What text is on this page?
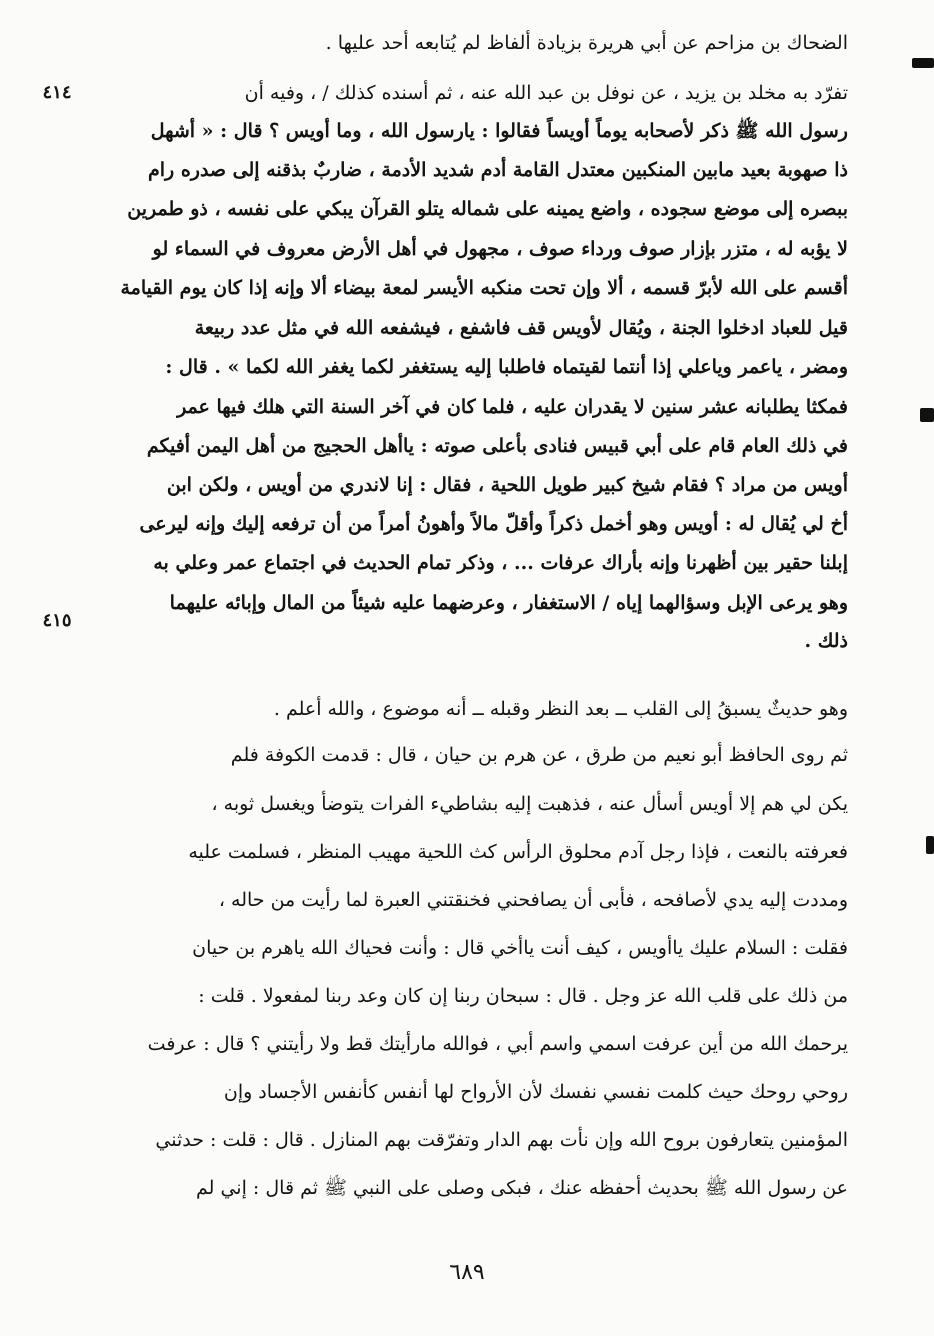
الضحاك بن مزاحم عن أبي هريرة بزيادة ألفاظ لم يُتابعه أحد عليها .
تفرّد به مخلد بن يزيد ، عن نوفل بن عبد الله عنه ، ثم أسنده كذلك / ، وفيه أن
رسول الله ﷺ ذكر لأصحابه يوماً أويساً فقالوا : يارسول الله ، وما أويس ؟ قال : « أشهل
ذا صهوبة بعيد مابين المنكبين معتدل القامة أدم شديد الأدمة ، ضاربٌ بذقنه إلى صدره رام
ببصره إلى موضع سجوده ، واضع يمينه على شماله يتلو القرآن يبكي على نفسه ، ذو طمرين
لا يؤبه له ، متزر بإزار صوف ورداء صوف ، مجهول في أهل الأرض معروف في السماء لو
أقسم على الله لأبرّ قسمه ، ألا وإن تحت منكبه الأيسر لمعة بيضاء ألا وإنه إذا كان يوم القيامة
قيل للعباد ادخلوا الجنة ، ويُقال لأويس قف فاشفع ، فيشفعه الله في مثل عدد ربيعة
ومضر ، ياعمر وياعلي إذا أنتما لقيتماه فاطلبا إليه يستغفر لكما يغفر الله لكما » . قال :
فمكثا يطلبانه عشر سنين لا يقدران عليه ، فلما كان في آخر السنة التي هلك فيها عمر
في ذلك العام قام على أبي قبيس فنادى بأعلى صوته : ياأهل الحجيج من أهل اليمن أفيكم
أويس من مراد ؟ فقام شيخ كبير طويل اللحية ، فقال : إنا لاندري من أويس ، ولكن ابن
أخ لي يُقال له : أويس وهو أخمل ذكراً وأقلّ مالاً وأهونُ أمراً من أن ترفعه إليك وإنه ليرعى
إبلنا حقير بين أظهرنا وإنه بأراك عرفات ... ، وذكر تمام الحديث في اجتماع عمر وعلي به
وهو يرعى الإبل وسؤالهما إياه / الاستغفار ، وعرضهما عليه شيئاً من المال وإبائه عليهما
ذلك .
وهو حديثٌ يسبقُ إلى القلب ــ بعد النظر وقبله ــ أنه موضوع ، والله أعلم .
ثم روى الحافظ أبو نعيم من طرق ، عن هرم بن حيان ، قال : قدمت الكوفة فلم
يكن لي هم إلا أويس أسأل عنه ، فذهبت إليه بشاطيء الفرات يتوضأ ويغسل ثوبه ،
فعرفته بالنعت ، فإذا رجل آدم محلوق الرأس كث اللحية مهيب المنظر ، فسلمت عليه
ومددت إليه يدي لأصافحه ، فأبى أن يصافحني فخنقتني العبرة لما رأيت من حاله ،
فقلت : السلام عليك ياأويس ، كيف أنت ياأخي قال : وأنت فحياك الله ياهرم بن حيان
من ذلك على قلب الله عز وجل . قال : سبحان ربنا إن كان وعد ربنا لمفعولا . قلت :
يرحمك الله من أين عرفت اسمي واسم أبي ، فوالله مارأيتك قط ولا رأيتني ؟ قال : عرفت
روحي روحك حيث كلمت نفسي نفسك لأن الأرواح لها أنفس كأنفس الأجساد وإن
المؤمنين يتعارفون بروح الله وإن نأت بهم الدار وتفرّقت بهم المنازل . قال : قلت : حدثني
عن رسول الله ﷺ بحديث أحفظه عنك ، فبكى وصلى على النبي ﷺ ثم قال : إني لم
٤١٤
٤١٥
٦٨٩
